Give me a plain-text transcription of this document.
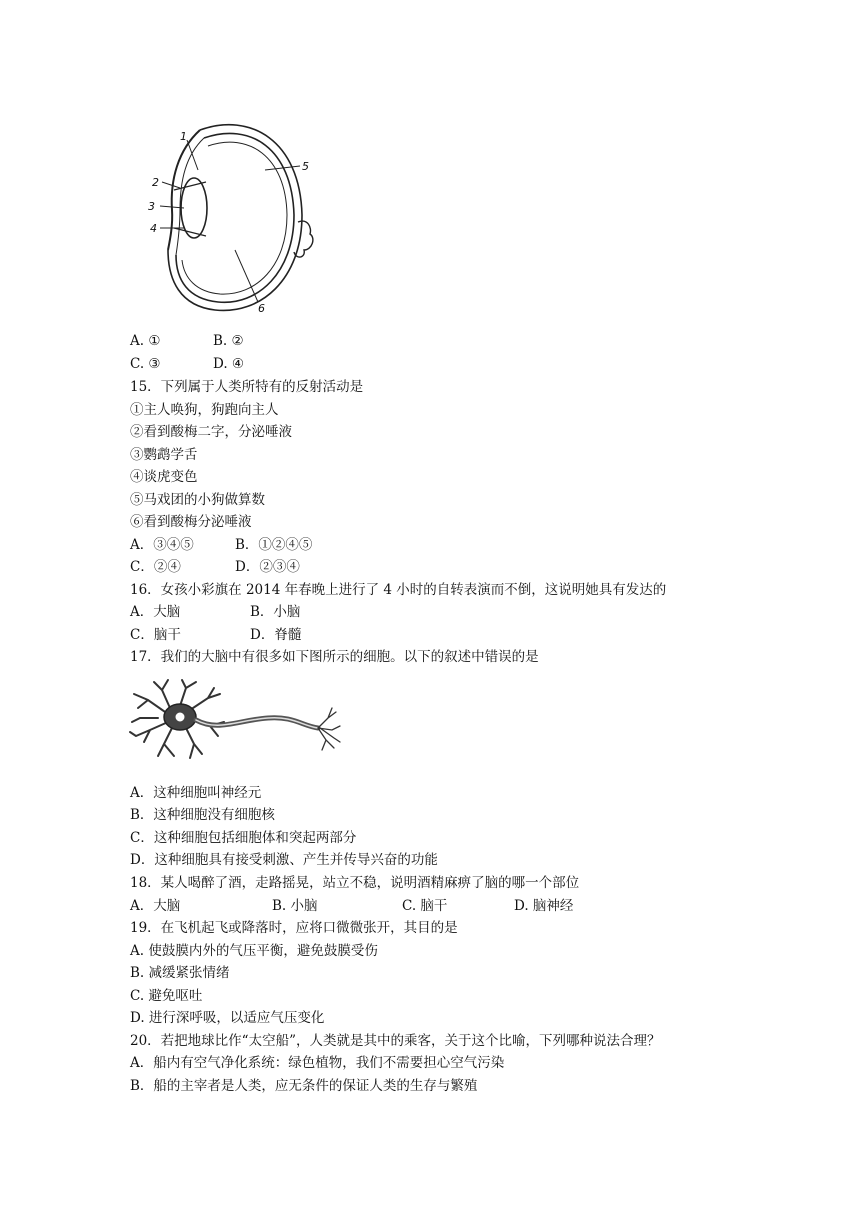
1
2
3
4
5
6
A. ①	B. ②
C. ③	D. ④
15．下列属于人类所特有的反射活动是
①主人唤狗，狗跑向主人
②看到酸梅二字，分泌唾液
③鹦鹉学舌
④谈虎变色
⑤马戏团的小狗做算数
⑥看到酸梅分泌唾液
A．③④⑤	B．①②④⑤
C．②④	D．②③④
16．女孩小彩旗在 2014 年春晚上进行了 4 小时的自转表演而不倒，这说明她具有发达的
A．大脑	B．小脑
C．脑干	D．脊髓
17．我们的大脑中有很多如下图所示的细胞。以下的叙述中错误的是
A．这种细胞叫神经元
B．这种细胞没有细胞核
C．这种细胞包括细胞体和突起两部分
D．这种细胞具有接受刺激、产生并传导兴奋的功能
18．某人喝醉了酒，走路摇晃，站立不稳，说明酒精麻痹了脑的哪一个部位
A．大脑	B. 小脑	C. 脑干	D. 脑神经
19．在飞机起飞或降落时，应将口微微张开，其目的是
A. 使鼓膜内外的气压平衡，避免鼓膜受伤
B. 减缓紧张情绪
C. 避免呕吐
D. 进行深呼吸，以适应气压变化
20．若把地球比作“太空船”，人类就是其中的乘客，关于这个比喻，下列哪种说法合理？
A．船内有空气净化系统：绿色植物，我们不需要担心空气污染
B．船的主宰者是人类，应无条件的保证人类的生存与繁殖
